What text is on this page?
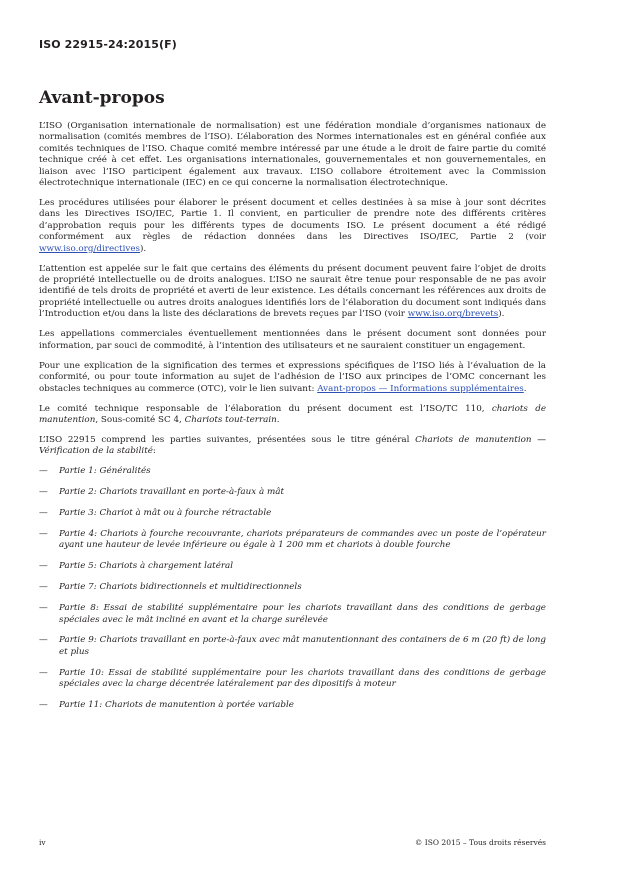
ISO 22915-24:2015(F)
Avant-propos

L’ISO (Organisation internationale de normalisation) est une fédération mondiale d’organismes nationaux de normalisation (comités membres de l’ISO). L’élaboration des Normes internationales est en général confiée aux comités techniques de l’ISO. Chaque comité membre intéressé par une étude a le droit de faire partie du comité technique créé à cet effet. Les organisations internationales, gouvernementales et non gouvernementales, en liaison avec l’ISO participent également aux travaux. L’ISO collabore étroitement avec la Commission électrotechnique internationale (IEC) en ce qui concerne la normalisation électrotechnique.

Les procédures utilisées pour élaborer le présent document et celles destinées à sa mise à jour sont décrites dans les Directives ISO/IEC, Partie 1. Il convient, en particulier de prendre note des différents critères d’approbation requis pour les différents types de documents ISO. Le présent document a été rédigé conformément aux règles de rédaction données dans les Directives ISO/IEC, Partie 2 (voir www.iso.org/directives).

L’attention est appelée sur le fait que certains des éléments du présent document peuvent faire l’objet de droits de propriété intellectuelle ou de droits analogues. L’ISO ne saurait être tenue pour responsable de ne pas avoir identifié de tels droits de propriété et averti de leur existence. Les détails concernant les références aux droits de propriété intellectuelle ou autres droits analogues identifiés lors de l’élaboration du document sont indiqués dans l’Introduction et/ou dans la liste des déclarations de brevets reçues par l’ISO (voir www.iso.org/brevets).

Les appellations commerciales éventuellement mentionnées dans le présent document sont données pour information, par souci de commodité, à l’intention des utilisateurs et ne sauraient constituer un engagement.

Pour une explication de la signification des termes et expressions spécifiques de l’ISO liés à l’évaluation de la conformité, ou pour toute information au sujet de l’adhésion de l’ISO aux principes de l’OMC concernant les obstacles techniques au commerce (OTC), voir le lien suivant: Avant-propos — Informations supplémentaires.

Le comité technique responsable de l’élaboration du présent document est l’ISO/TC 110, chariots de manutention, Sous-comité SC 4, Chariots tout-terrain.

L’ISO 22915 comprend les parties suivantes, présentées sous le titre général Chariots de manutention — Vérification de la stabilité:

—	Partie 1: Généralités
—	Partie 2: Chariots travaillant en porte-à-faux à mât
—	Partie 3: Chariot à mât ou à fourche rétractable
—	Partie 4: Chariots à fourche recouvrante, chariots préparateurs de commandes avec un poste de l’opérateur ayant une hauteur de levée inférieure ou égale à 1 200 mm et chariots à double fourche
—	Partie 5: Chariots à chargement latéral
—	Partie 7: Chariots bidirectionnels et multidirectionnels
—	Partie 8: Essai de stabilité supplémentaire pour les chariots travaillant dans des conditions de gerbage spéciales avec le mât incliné en avant et la charge surélevée
—	Partie 9: Chariots travaillant en porte-à-faux avec mât manutentionnant des containers de 6 m (20 ft) de long et plus
—	Partie 10: Essai de stabilité supplémentaire pour les chariots travaillant dans des conditions de gerbage spéciales avec la charge décentrée latéralement par des dipositifs à moteur
—	Partie 11: Chariots de manutention à portée variable
iv	© ISO 2015 – Tous droits réservés
